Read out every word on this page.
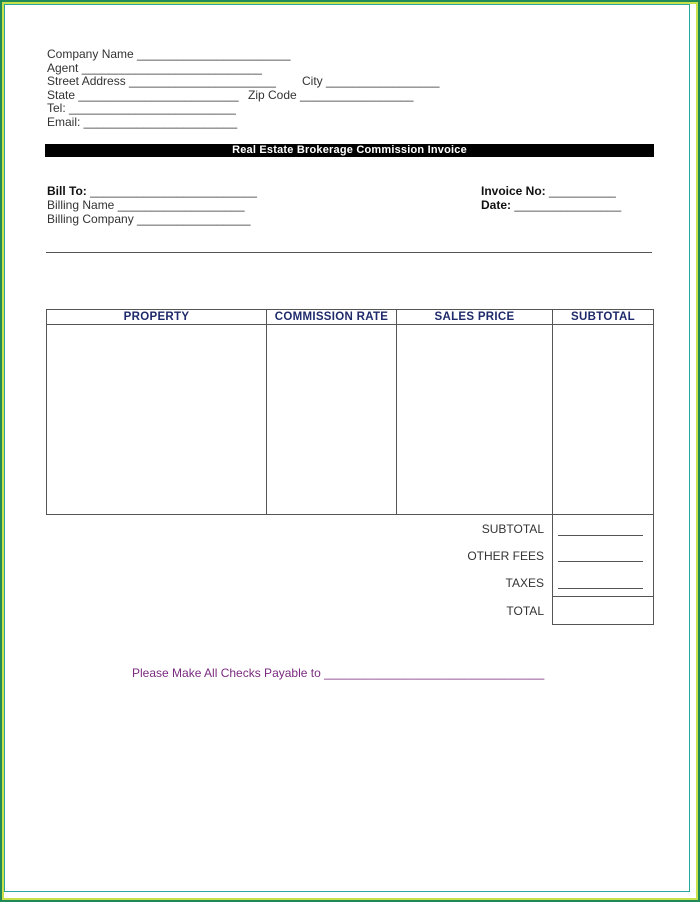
Company Name _______________________
Agent ___________________________
Street Address ______________________ City _________________
State ________________________ Zip Code _________________
Tel: _________________________
Email: _______________________
Real Estate Brokerage Commission Invoice
Bill To: _________________________
Billing Name ___________________
Billing Company _________________
Invoice No: __________
Date: ________________
PROPERTY	COMMISSION RATE	SALES PRICE	SUBTOTAL

SUBTOTAL
OTHER FEES
TAXES
TOTAL
Please Make All Checks Payable to _________________________________
